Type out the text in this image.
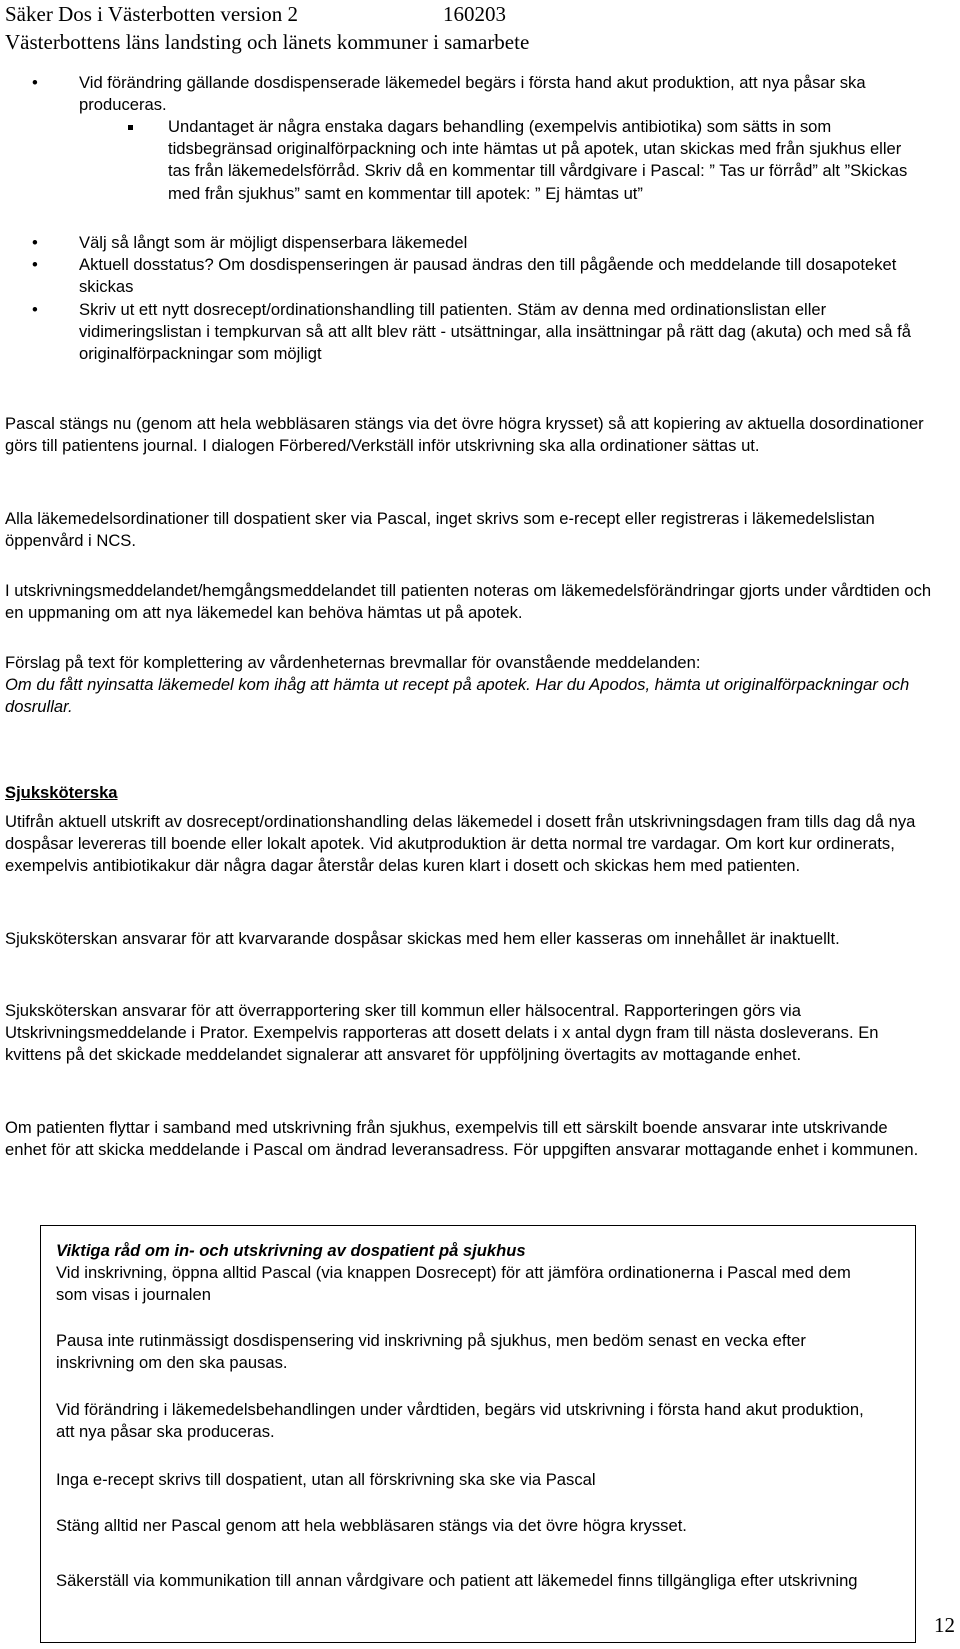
Säker Dos i Västerbotten version 2	160203
Västerbottens läns landsting och länets kommuner i samarbete
• Vid förändring gällande dosdispenserade läkemedel begärs i första hand akut produktion, att nya påsar ska produceras.
Undantaget är några enstaka dagars behandling (exempelvis antibiotika) som sätts in som tidsbegränsad originalförpackning och inte hämtas ut på apotek, utan skickas med från sjukhus eller tas från läkemedelsförråd. Skriv då en kommentar till vårdgivare i Pascal: ” Tas ur förråd” alt ”Skickas med från sjukhus” samt en kommentar till apotek: ” Ej hämtas ut”
• Välj så långt som är möjligt dispenserbara läkemedel
• Aktuell dosstatus? Om dosdispenseringen är pausad ändras den till pågående och meddelande till dosapoteket skickas
• Skriv ut ett nytt dosrecept/ordinationshandling till patienten. Stäm av denna med ordinationslistan eller vidimeringslistan i tempkurvan så att allt blev rätt - utsättningar, alla insättningar på rätt dag (akuta) och med så få originalförpackningar som möjligt

Pascal stängs nu (genom att hela webbläsaren stängs via det övre högra krysset) så att kopiering av aktuella dosordinationer görs till patientens journal. I dialogen Förbered/Verkställ inför utskrivning ska alla ordinationer sättas ut.

Alla läkemedelsordinationer till dospatient sker via Pascal, inget skrivs som e-recept eller registreras i läkemedelslistan öppenvård i NCS.

I utskrivningsmeddelandet/hemgångsmeddelandet till patienten noteras om läkemedelsförändringar gjorts under vårdtiden och en uppmaning om att nya läkemedel kan behöva hämtas ut på apotek.

Förslag på text för komplettering av vårdenheternas brevmallar för ovanstående meddelanden:

Om du fått nyinsatta läkemedel kom ihåg att hämta ut recept på apotek. Har du Apodos, hämta ut originalförpackningar och dosrullar.

Sjuksköterska

Utifrån aktuell utskrift av dosrecept/ordinationshandling delas läkemedel i dosett från utskrivningsdagen fram tills dag då nya dospåsar levereras till boende eller lokalt apotek. Vid akutproduktion är detta normal tre vardagar. Om kort kur ordinerats, exempelvis antibiotikakur där några dagar återstår delas kuren klart i dosett och skickas hem med patienten.

Sjuksköterskan ansvarar för att kvarvarande dospåsar skickas med hem eller kasseras om innehållet är inaktuellt.

Sjuksköterskan ansvarar för att överrapportering sker till kommun eller hälsocentral. Rapporteringen görs via Utskrivningsmeddelande i Prator. Exempelvis rapporteras att dosett delats i x antal dygn fram till nästa dosleverans. En kvittens på det skickade meddelandet signalerar att ansvaret för uppföljning övertagits av mottagande enhet.

Om patienten flyttar i samband med utskrivning från sjukhus, exempelvis till ett särskilt boende ansvarar inte utskrivande enhet för att skicka meddelande i Pascal om ändrad leveransadress. För uppgiften ansvarar mottagande enhet i kommunen.

Viktiga råd om in- och utskrivning av dospatient på sjukhus
Vid inskrivning, öppna alltid Pascal (via knappen Dosrecept) för att jämföra ordinationerna i Pascal med dem som visas i journalen
Pausa inte rutinmässigt dosdispensering vid inskrivning på sjukhus, men bedöm senast en vecka efter inskrivning om den ska pausas.
Vid förändring i läkemedelsbehandlingen under vårdtiden, begärs vid utskrivning i första hand akut produktion, att nya påsar ska produceras.
Inga e-recept skrivs till dospatient, utan all förskrivning ska ske via Pascal
Stäng alltid ner Pascal genom att hela webbläsaren stängs via det övre högra krysset.
Säkerställ via kommunikation till annan vårdgivare och patient att läkemedel finns tillgängliga efter utskrivning
12
